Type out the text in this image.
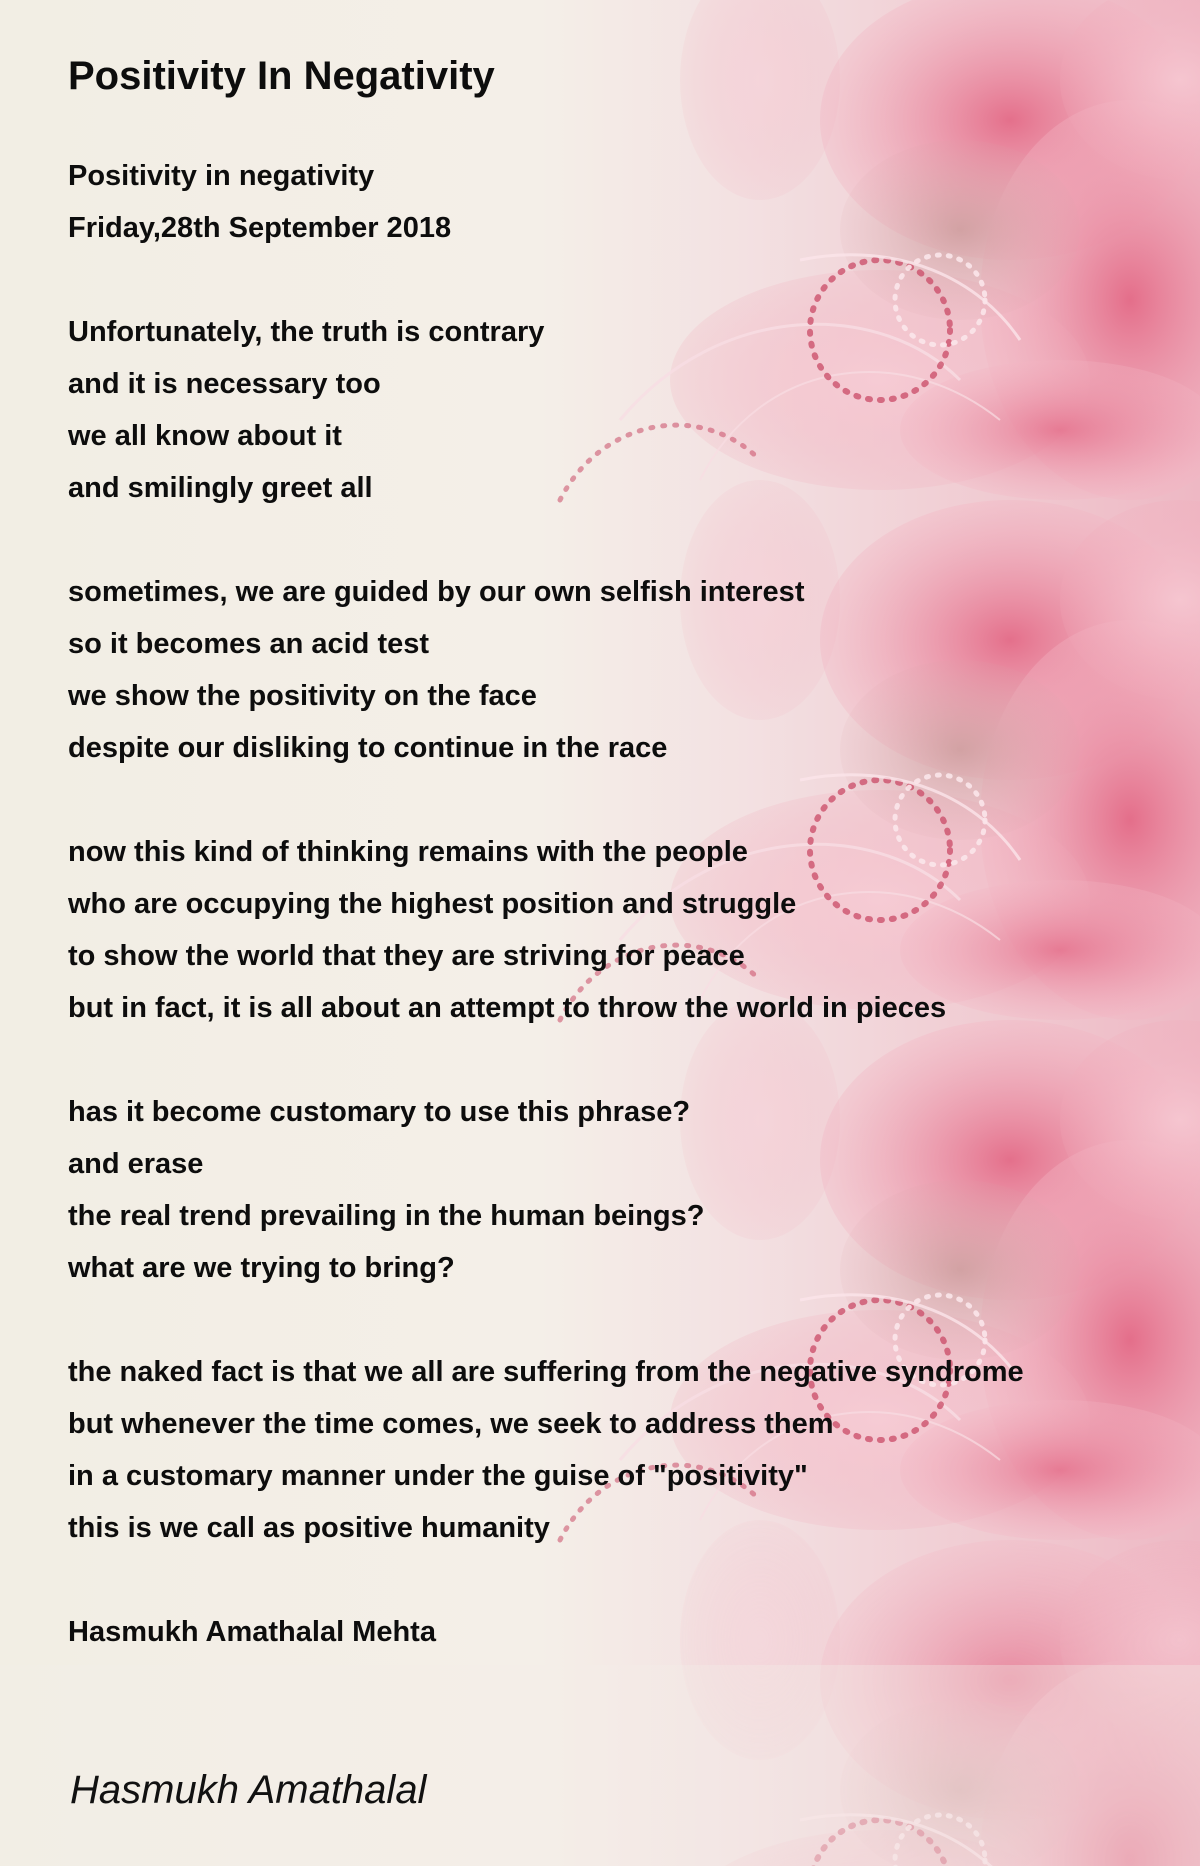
Positivity In Negativity
Positivity in negativity
Friday,28th September 2018
Unfortunately, the truth is contrary
and it is necessary too
we all know about it
and smilingly greet all
sometimes, we are guided by our own selfish interest
so it becomes an acid test
we show the positivity on the face
despite our disliking to continue in the race
now this kind of thinking remains with the people
who are occupying the highest position and struggle
to show the world that they are striving for peace
but in fact, it is all about an attempt to throw the world in pieces
has it become customary to use this phrase?
and erase
the real trend prevailing in the human beings?
what are we trying to bring?
the naked fact is that we all are suffering from the negative syndrome
but whenever the time comes, we seek to address them
in a customary manner under the guise of "positivity"
this is we call as positive humanity
Hasmukh Amathalal Mehta
Hasmukh Amathalal
